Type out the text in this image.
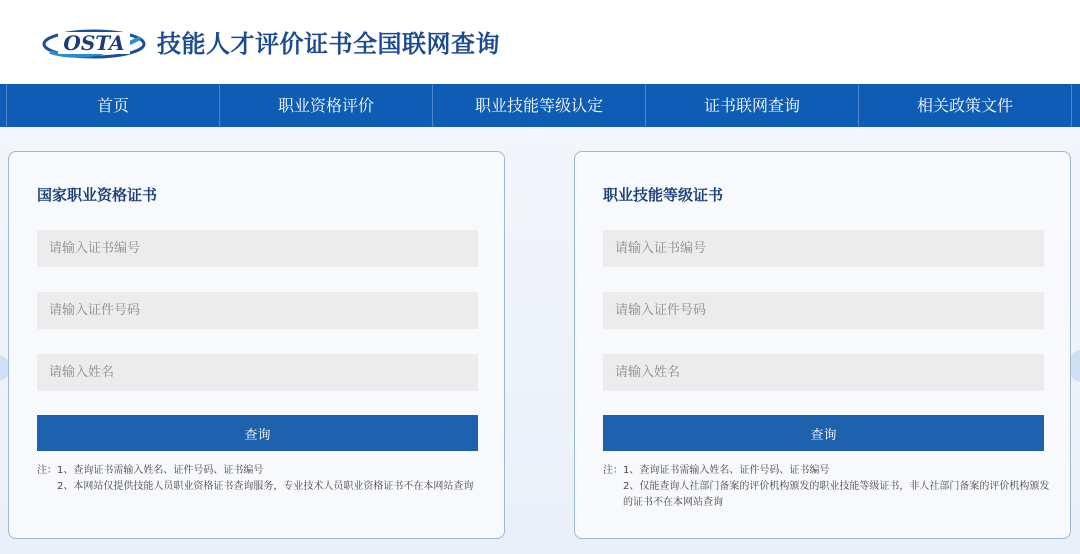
OSTA 技能人才评价证书全国联网查询
首页	职业资格评价	职业技能等级认定	证书联网查询	相关政策文件
国家职业资格证书
请输入证书编号
请输入证件号码
请输入姓名
查询
注： 1、查询证书需输入姓名、证件号码、证书编号
2、本网站仅提供技能人员职业资格证书查询服务，专业技术人员职业资格证书不在本网站查询
职业技能等级证书
请输入证书编号
请输入证件号码
请输入姓名
查询
注： 1、查询证书需输入姓名、证件号码、证书编号
2、仅能查询人社部门备案的评价机构颁发的职业技能等级证书，非人社部门备案的评价机构颁发的证书不在本网站查询
